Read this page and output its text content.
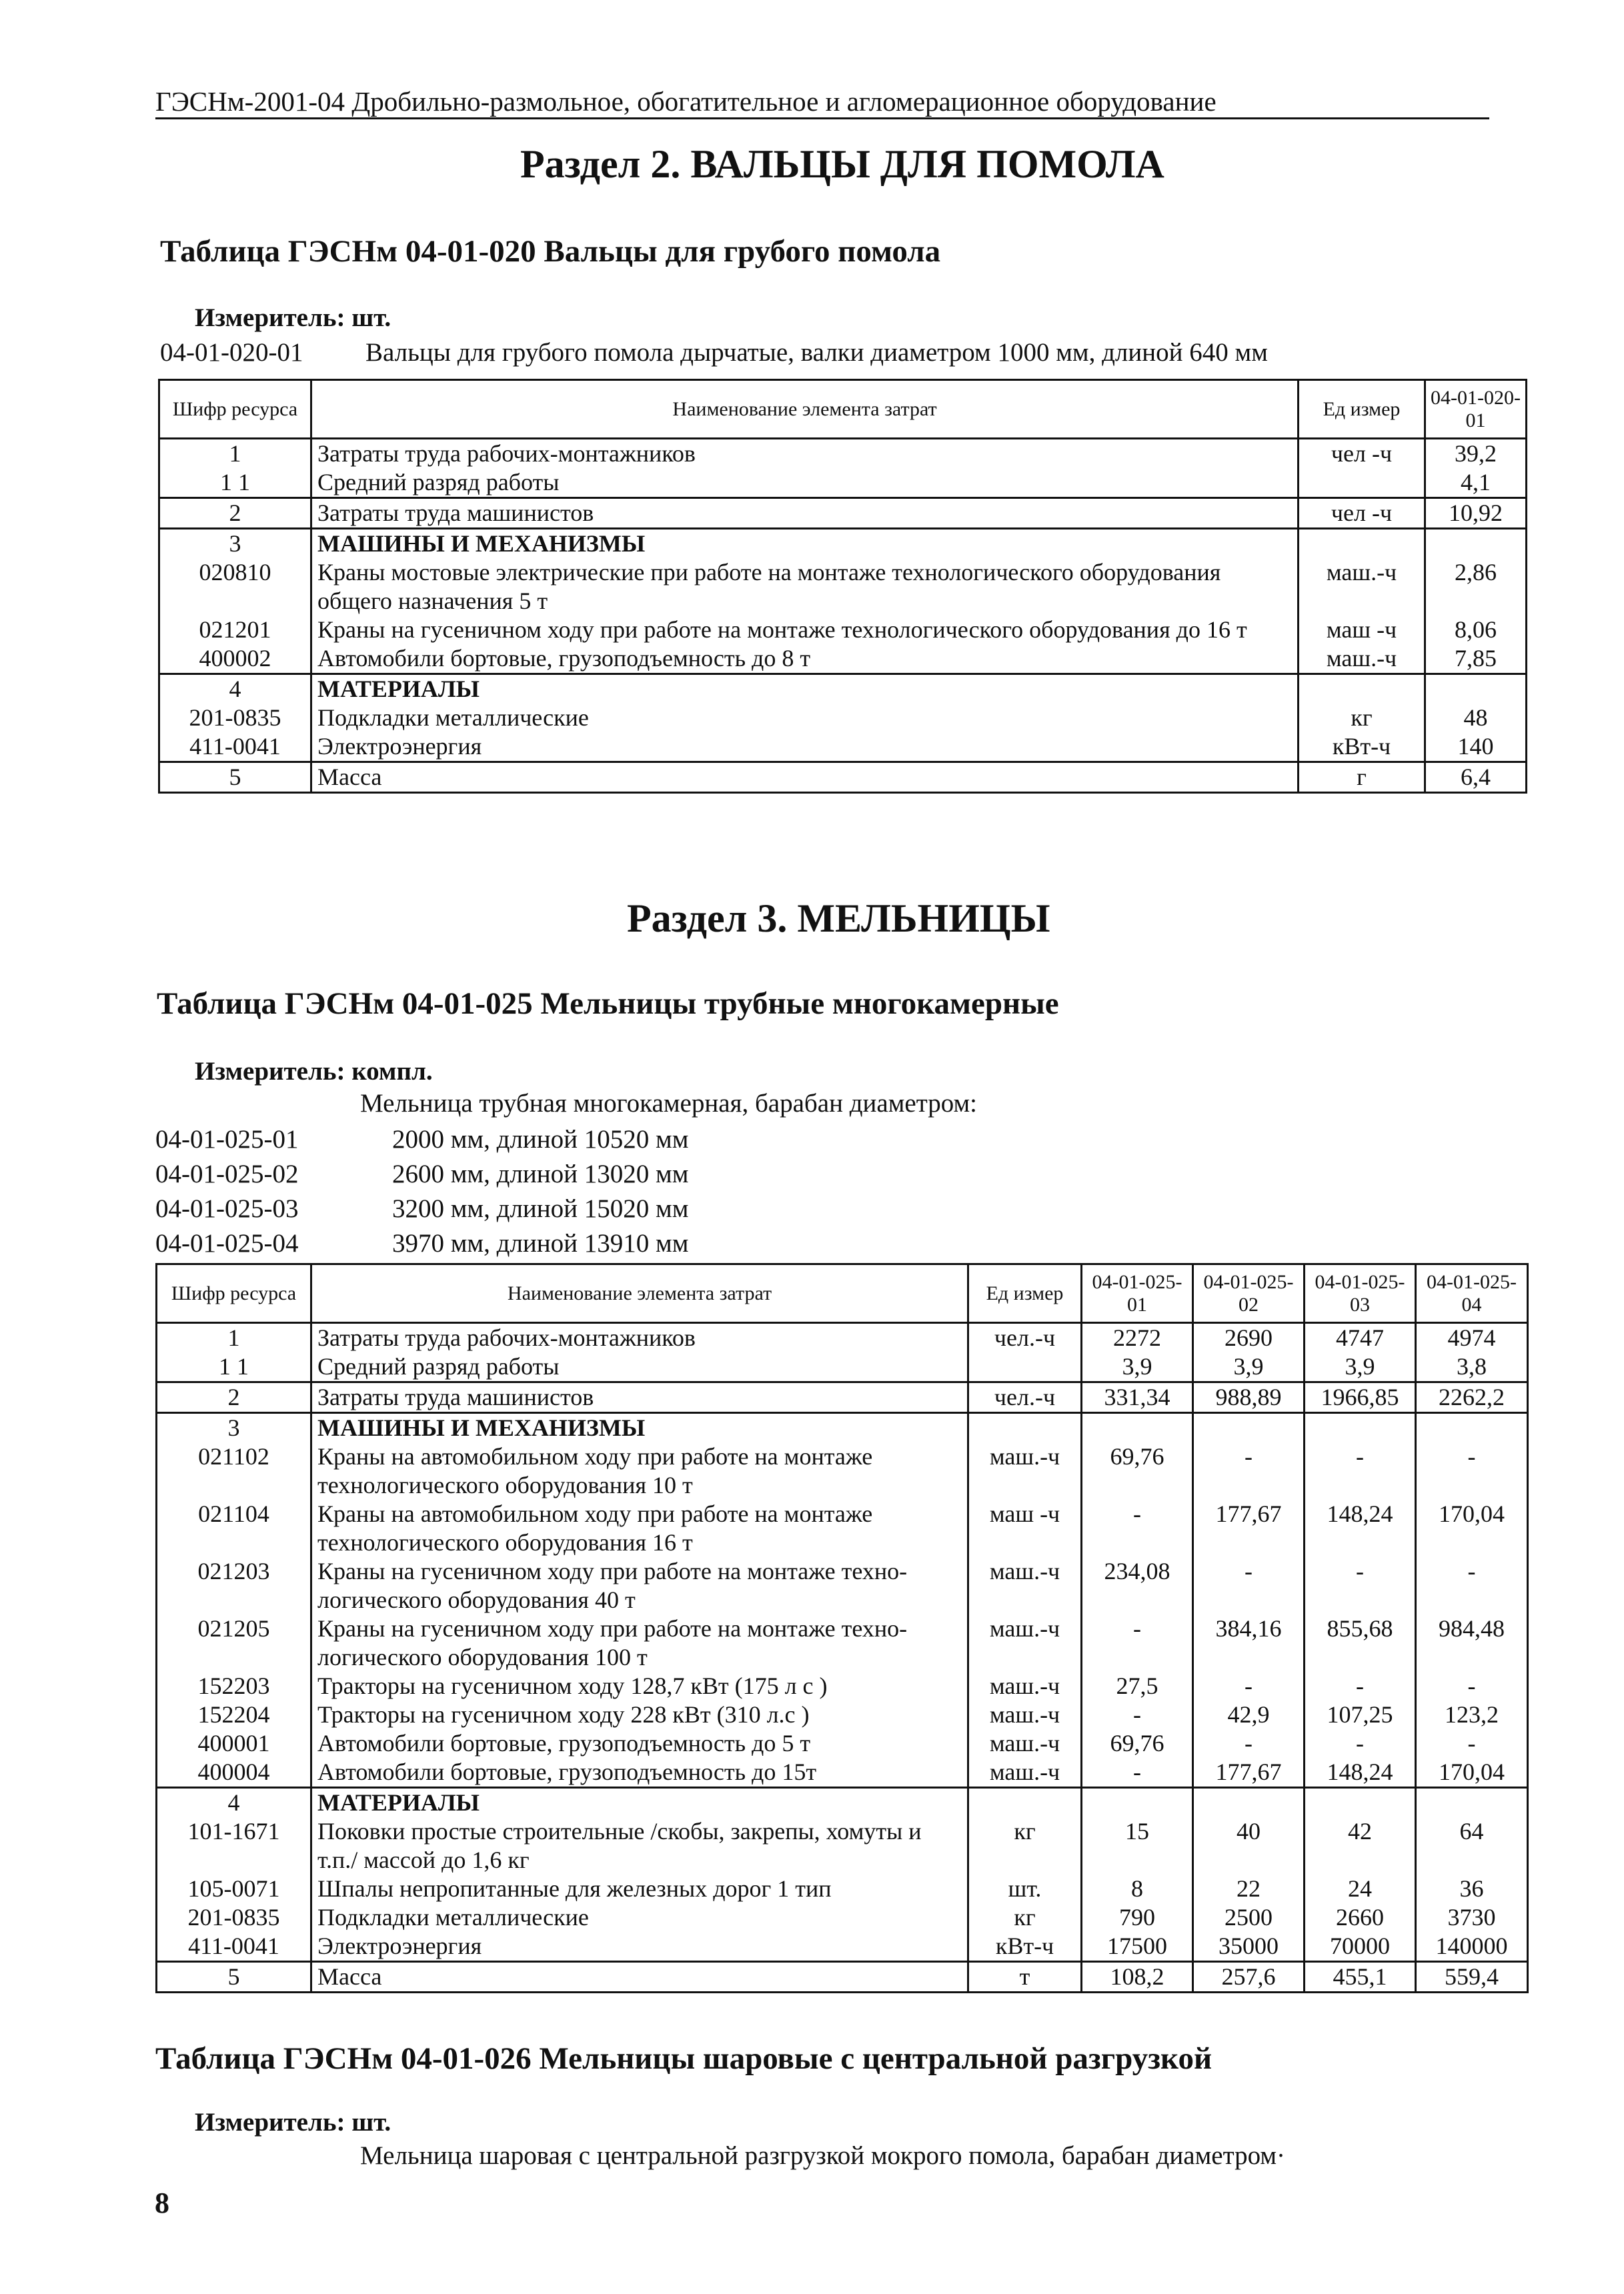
ГЭСНм-2001-04 Дробильно-размольное, обогатительное и агломерационное оборудование
Раздел 2. ВАЛЬЦЫ ДЛЯ ПОМОЛА
Таблица ГЭСНм 04-01-020 Вальцы для грубого помола
Измеритель: шт.
04-01-020-01 Вальцы для грубого помола дырчатые, валки диаметром 1000 мм, длиной 640 мм
Шифр ресурса	Наименование элемента затрат	Ед измер	04-01-020-01
1	Затраты труда рабочих-монтажников	чел -ч	39,2
1 1	Средний разряд работы		4,1
2	Затраты труда машинистов	чел -ч	10,92
3	МАШИНЫ И МЕХАНИЗМЫ		
020810	Краны мостовые электрические при работе на монтаже технологического оборудования общего назначения 5 т	маш.-ч	2,86
021201	Краны на гусеничном ходу при работе на монтаже технологического оборудования до 16 т	маш -ч	8,06
400002	Автомобили бортовые, грузоподъемность до 8 т	маш.-ч	7,85
4	МАТЕРИАЛЫ		
201-0835	Подкладки металлические	кг	48
411-0041	Электроэнергия	кВт-ч	140
5	Масса	г	6,4
Раздел 3. МЕЛЬНИЦЫ
Таблица ГЭСНм 04-01-025 Мельницы трубные многокамерные
Измеритель: компл.
Мельница трубная многокамерная, барабан диаметром:
04-01-025-01	2000 мм, длиной 10520 мм
04-01-025-02	2600 мм, длиной 13020 мм
04-01-025-03	3200 мм, длиной 15020 мм
04-01-025-04	3970 мм, длиной 13910 мм
Шифр ресурса	Наименование элемента затрат	Ед измер	04-01-025-01	04-01-025-02	04-01-025-03	04-01-025-04
1	Затраты труда рабочих-монтажников	чел.-ч	2272	2690	4747	4974
1 1	Средний разряд работы		3,9	3,9	3,9	3,8
2	Затраты труда машинистов	чел.-ч	331,34	988,89	1966,85	2262,2
3	МАШИНЫ И МЕХАНИЗМЫ					
021102	Краны на автомобильном ходу при работе на монтаже технологического оборудования 10 т	маш.-ч	69,76	-	-	-
021104	Краны на автомобильном ходу при работе на монтаже технологического оборудования 16 т	маш -ч	-	177,67	148,24	170,04
021203	Краны на гусеничном ходу при работе на монтаже техно-логического оборудования 40 т	маш.-ч	234,08	-	-	-
021205	Краны на гусеничном ходу при работе на монтаже техно-логического оборудования 100 т	маш.-ч	-	384,16	855,68	984,48
152203	Тракторы на гусеничном ходу 128,7 кВт (175 л с )	маш.-ч	27,5	-	-	-
152204	Тракторы на гусеничном ходу 228 кВт (310 л.с )	маш.-ч	-	42,9	107,25	123,2
400001	Автомобили бортовые, грузоподъемность до 5 т	маш.-ч	69,76	-	-	-
400004	Автомобили бортовые, грузоподъемность до 15т	маш.-ч	-	177,67	148,24	170,04
4	МАТЕРИАЛЫ					
101-1671	Поковки простые строительные /скобы, закрепы, хомуты и т.п./ массой до 1,6 кг	кг	15	40	42	64
105-0071	Шпалы непропитанные для железных дорог 1 тип	шт.	8	22	24	36
201-0835	Подкладки металлические	кг	790	2500	2660	3730
411-0041	Электроэнергия	кВт-ч	17500	35000	70000	140000
5	Масса	т	108,2	257,6	455,1	559,4
Таблица ГЭСНм 04-01-026 Мельницы шаровые с центральной разгрузкой
Измеритель: шт.
Мельница шаровая с центральной разгрузкой мокрого помола, барабан диаметром·
8
